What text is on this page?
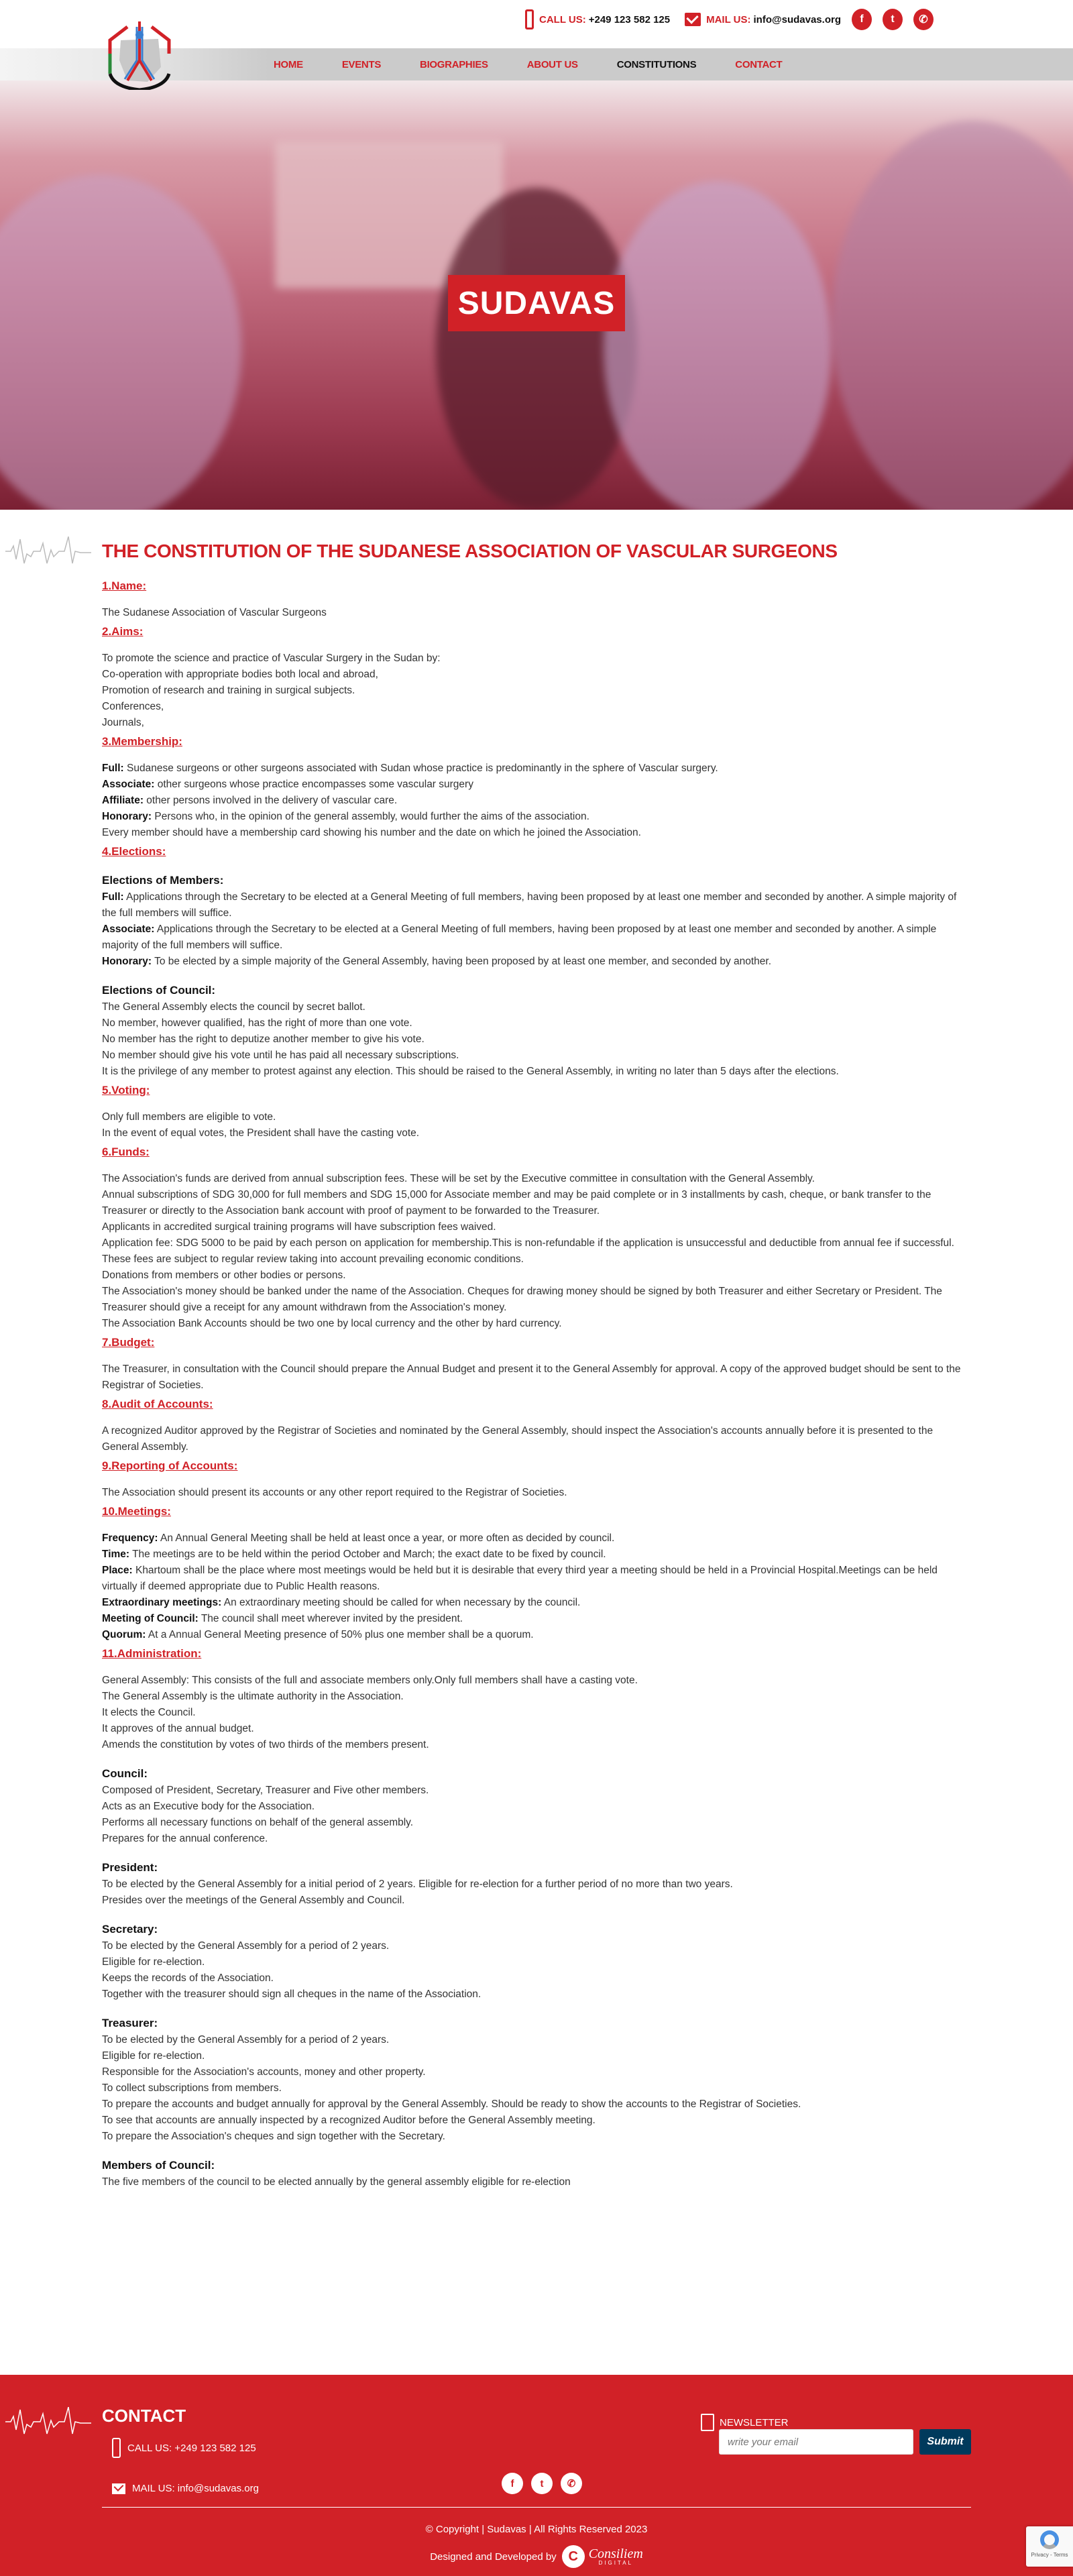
CALL US: +249 123 582 125	MAIL US: info@sudavas.org	f	t	✆
HOME	EVENTS	BIOGRAPHIES	ABOUT US	CONSTITUTIONS	CONTACT
SUDAVAS
THE CONSTITUTION OF THE SUDANESE ASSOCIATION OF VASCULAR SURGEONS
1.Name:

The Sudanese Association of Vascular Surgeons

2.Aims:

To promote the science and practice of Vascular Surgery in the Sudan by:

Co-operation with appropriate bodies both local and abroad,

Promotion of research and training in surgical subjects.

Conferences,

Journals,

3.Membership:

Full: Sudanese surgeons or other surgeons associated with Sudan whose practice is predominantly in the sphere of Vascular surgery.

Associate: other surgeons whose practice encompasses some vascular surgery

Affiliate: other persons involved in the delivery of vascular care.

Honorary: Persons who, in the opinion of the general assembly, would further the aims of the association.

Every member should have a membership card showing his number and the date on which he joined the Association.

4.Elections:
Elections of Members:

Full: Applications through the Secretary to be elected at a General Meeting of full members, having been proposed by at least one member and seconded by another. A simple majority of the full members will suffice.

Associate: Applications through the Secretary to be elected at a General Meeting of full members, having been proposed by at least one member and seconded by another. A simple majority of the full members will suffice.

Honorary: To be elected by a simple majority of the General Assembly, having been proposed by at least one member, and seconded by another.

Elections of Council:

The General Assembly elects the council by secret ballot.

No member, however qualified, has the right of more than one vote.

No member has the right to deputize another member to give his vote.

No member should give his vote until he has paid all necessary subscriptions.

It is the privilege of any member to protest against any election. This should be raised to the General Assembly, in writing no later than 5 days after the elections.

5.Voting:

Only full members are eligible to vote.

In the event of equal votes, the President shall have the casting vote.

6.Funds:

The Association's funds are derived from annual subscription fees. These will be set by the Executive committee in consultation with the General Assembly.

Annual subscriptions of SDG 30,000 for full members and SDG 15,000 for Associate member and may be paid complete or in 3 installments by cash, cheque, or bank transfer to the Treasurer or directly to the Association bank account with proof of payment to be forwarded to the Treasurer.

Applicants in accredited surgical training programs will have subscription fees waived.

Application fee: SDG 5000 to be paid by each person on application for membership.This is non-refundable if the application is unsuccessful and deductible from annual fee if successful.

These fees are subject to regular review taking into account prevailing economic conditions.

Donations from members or other bodies or persons.

The Association's money should be banked under the name of the Association. Cheques for drawing money should be signed by both Treasurer and either Secretary or President. The Treasurer should give a receipt for any amount withdrawn from the Association's money.

The Association Bank Accounts should be two one by local currency and the other by hard currency.

7.Budget:

The Treasurer, in consultation with the Council should prepare the Annual Budget and present it to the General Assembly for approval. A copy of the approved budget should be sent to the Registrar of Societies.

8.Audit of Accounts:

A recognized Auditor approved by the Registrar of Societies and nominated by the General Assembly, should inspect the Association's accounts annually before it is presented to the General Assembly.

9.Reporting of Accounts:

The Association should present its accounts or any other report required to the Registrar of Societies.

10.Meetings:

Frequency: An Annual General Meeting shall be held at least once a year, or more often as decided by council.

Time: The meetings are to be held within the period October and March; the exact date to be fixed by council.

Place: Khartoum shall be the place where most meetings would be held but it is desirable that every third year a meeting should be held in a Provincial Hospital.Meetings can be held virtually if deemed appropriate due to Public Health reasons.

Extraordinary meetings: An extraordinary meeting should be called for when necessary by the council.

Meeting of Council: The council shall meet wherever invited by the president.

Quorum: At a Annual General Meeting presence of 50% plus one member shall be a quorum.

11.Administration:

General Assembly: This consists of the full and associate members only.Only full members shall have a casting vote.

The General Assembly is the ultimate authority in the Association.

It elects the Council.

It approves of the annual budget.

Amends the constitution by votes of two thirds of the members present.

Council:

Composed of President, Secretary, Treasurer and Five other members.

Acts as an Executive body for the Association.

Performs all necessary functions on behalf of the general assembly.

Prepares for the annual conference.

President:

To be elected by the General Assembly for a initial period of 2 years. Eligible for re-election for a further period of no more than two years.

Presides over the meetings of the General Assembly and Council.

Secretary:

To be elected by the General Assembly for a period of 2 years.

Eligible for re-election.

Keeps the records of the Association.

Together with the treasurer should sign all cheques in the name of the Association.

Treasurer:

To be elected by the General Assembly for a period of 2 years.

Eligible for re-election.

Responsible for the Association's accounts, money and other property.

To collect subscriptions from members.

To prepare the accounts and budget annually for approval by the General Assembly. Should be ready to show the accounts to the Registrar of Societies.

To see that accounts are annually inspected by a recognized Auditor before the General Assembly meeting.

To prepare the Association's cheques and sign together with the Secretary.

Members of Council:

The five members of the council to be elected annually by the general assembly eligible for re-election

CONTACT
CALL US: +249 123 582 125
MAIL US: info@sudavas.org
NEWSLETTER
write your email
Submit
f	t	✆
© Copyright | Sudavas | All Rights Reserved 2023
Designed and Developed by C Consiliem
DIGITAL
Privacy - Terms
